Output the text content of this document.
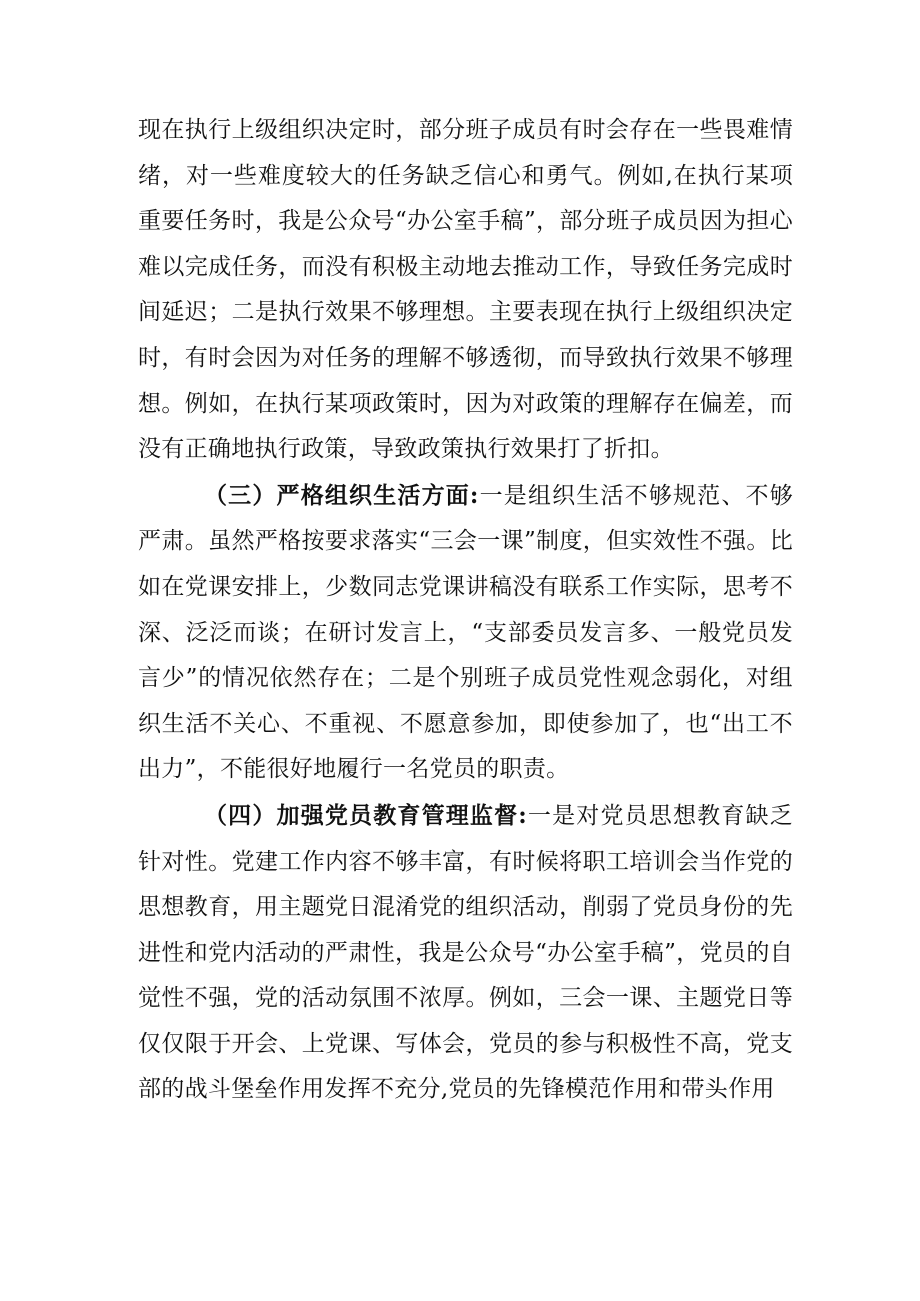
现在执行上级组织决定时，部分班子成员有时会存在一些畏难情绪，对一些难度较大的任务缺乏信心和勇气。例如,在执行某项重要任务时，我是公众号“办公室手稿”，部分班子成员因为担心难以完成任务，而没有积极主动地去推动工作，导致任务完成时间延迟；二是执行效果不够理想。主要表现在执行上级组织决定时，有时会因为对任务的理解不够透彻，而导致执行效果不够理想。例如，在执行某项政策时，因为对政策的理解存在偏差，而没有正确地执行政策，导致政策执行效果打了折扣。

（三）严格组织生活方面:一是组织生活不够规范、不够严肃。虽然严格按要求落实“三会一课”制度，但实效性不强。比如在党课安排上，少数同志党课讲稿没有联系工作实际，思考不深、泛泛而谈；在研讨发言上，“支部委员发言多、一般党员发言少”的情况依然存在；二是个别班子成员党性观念弱化，对组织生活不关心、不重视、不愿意参加，即使参加了，也“出工不出力”，不能很好地履行一名党员的职责。

（四）加强党员教育管理监督:一是对党员思想教育缺乏针对性。党建工作内容不够丰富，有时候将职工培训会当作党的思想教育，用主题党日混淆党的组织活动，削弱了党员身份的先进性和党内活动的严肃性，我是公众号“办公室手稿”，党员的自觉性不强，党的活动氛围不浓厚。例如，三会一课、主题党日等仅仅限于开会、上党课、写体会，党员的参与积极性不高，党支部的战斗堡垒作用发挥不充分,党员的先锋模范作用和带头作用
